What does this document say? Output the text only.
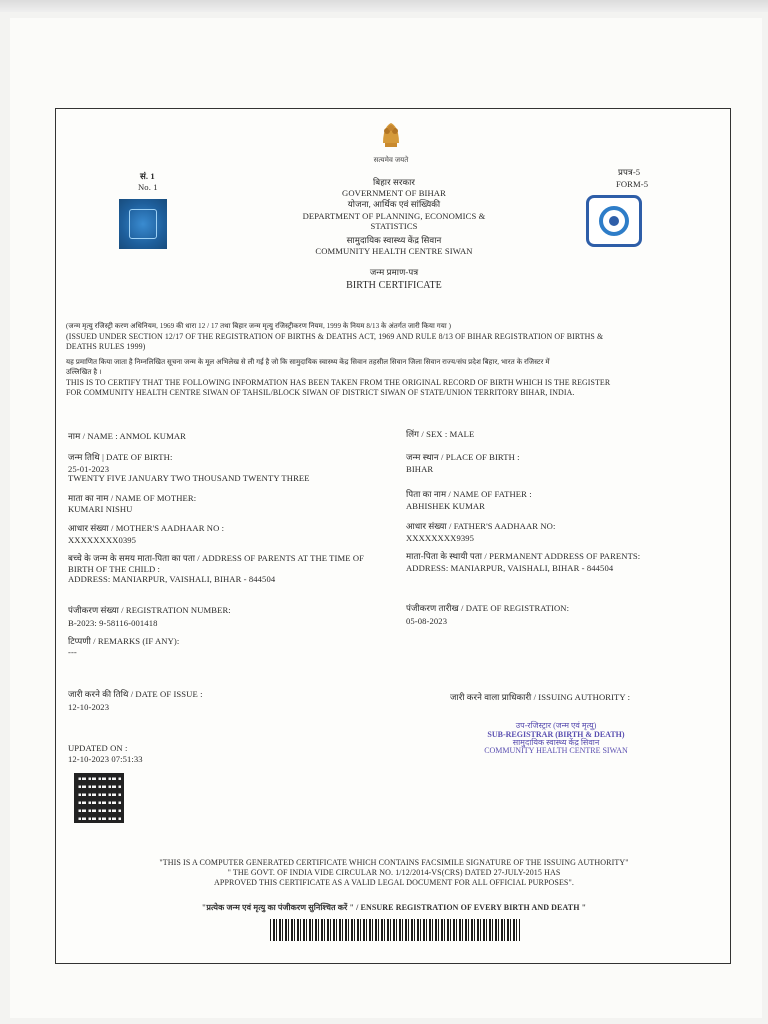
सत्यमेव जयते
सं. 1
No. 1
प्रपत्र-5
FORM-5
बिहार सरकार
GOVERNMENT OF BIHAR
योजना, आर्थिक एवं सांख्यिकी
DEPARTMENT OF PLANNING, ECONOMICS &
STATISTICS
सामुदायिक स्वास्थ्य केंद्र सिवान
COMMUNITY HEALTH CENTRE SIWAN
जन्म प्रमाण-पत्र
BIRTH CERTIFICATE
(जन्म मृत्यु रजिस्ट्री करण अधिनियम, 1969 की धारा 12 / 17 तथा बिहार जन्म मृत्यु रजिस्ट्रीकरण नियम, 1999 के नियम 8/13 के अंतर्गत जारी किया गया )
(ISSUED UNDER SECTION 12/17 OF THE REGISTRATION OF BIRTHS & DEATHS ACT, 1969 AND RULE 8/13 OF BIHAR REGISTRATION OF BIRTHS &
DEATHS RULES 1999)
यह प्रमाणित किया जाता है निम्नलिखित सूचना जन्म के मूल अभिलेख से ली गई है जो कि सामुदायिक स्वास्थ्य केंद्र सिवान तहसील सिवान जिला सिवान राज्य/संघ प्रदेश बिहार, भारत के रजिस्टर में
उल्लिखित है ।
THIS IS TO CERTIFY THAT THE FOLLOWING INFORMATION HAS BEEN TAKEN FROM THE ORIGINAL RECORD OF BIRTH WHICH IS THE REGISTER
FOR COMMUNITY HEALTH CENTRE SIWAN OF TAHSIL/BLOCK SIWAN OF DISTRICT SIWAN OF STATE/UNION TERRITORY BIHAR, INDIA.
नाम / NAME : ANMOL KUMAR
जन्म तिथि | DATE OF BIRTH:
25-01-2023
TWENTY FIVE JANUARY TWO THOUSAND TWENTY THREE
माता का नाम / NAME OF MOTHER:
KUMARI NISHU
आधार संख्या / MOTHER'S AADHAAR NO :
XXXXXXXX0395
बच्चे के जन्म के समय माता-पिता का पता / ADDRESS OF PARENTS AT THE TIME OF
BIRTH OF THE CHILD :
ADDRESS: MANIARPUR, VAISHALI, BIHAR - 844504
पंजीकरण संख्या / REGISTRATION NUMBER:
B-2023: 9-58116-001418
टिप्पणी / REMARKS (IF ANY):
---
जारी करने की तिथि / DATE OF ISSUE :
12-10-2023
UPDATED ON :
12-10-2023 07:51:33
लिंग / SEX : MALE
जन्म स्थान / PLACE OF BIRTH :
BIHAR
पिता का नाम / NAME OF FATHER :
ABHISHEK KUMAR
आधार संख्या / FATHER'S AADHAAR NO:
XXXXXXXX9395
माता-पिता के स्थायी पता / PERMANENT ADDRESS OF PARENTS:
ADDRESS: MANIARPUR, VAISHALI, BIHAR - 844504
पंजीकरण तारीख / DATE OF REGISTRATION:
05-08-2023
जारी करने वाला प्राधिकारी / ISSUING AUTHORITY :
उप-रजिस्ट्रार (जन्म एवं मृत्यु)
SUB-REGISTRAR (BIRTH & DEATH)
सामुदायिक स्वास्थ्य केंद्र सिवान
COMMUNITY HEALTH CENTRE SIWAN
"THIS IS A COMPUTER GENERATED CERTIFICATE WHICH CONTAINS FACSIMILE SIGNATURE OF THE ISSUING AUTHORITY"
" THE GOVT. OF INDIA VIDE CIRCULAR NO. 1/12/2014-VS(CRS) DATED 27-JULY-2015 HAS
APPROVED THIS CERTIFICATE AS A VALID LEGAL DOCUMENT FOR ALL OFFICIAL PURPOSES".
"प्रत्येक जन्म एवं मृत्यु का पंजीकरण सुनिश्चित करें " / ENSURE REGISTRATION OF EVERY BIRTH AND DEATH "
